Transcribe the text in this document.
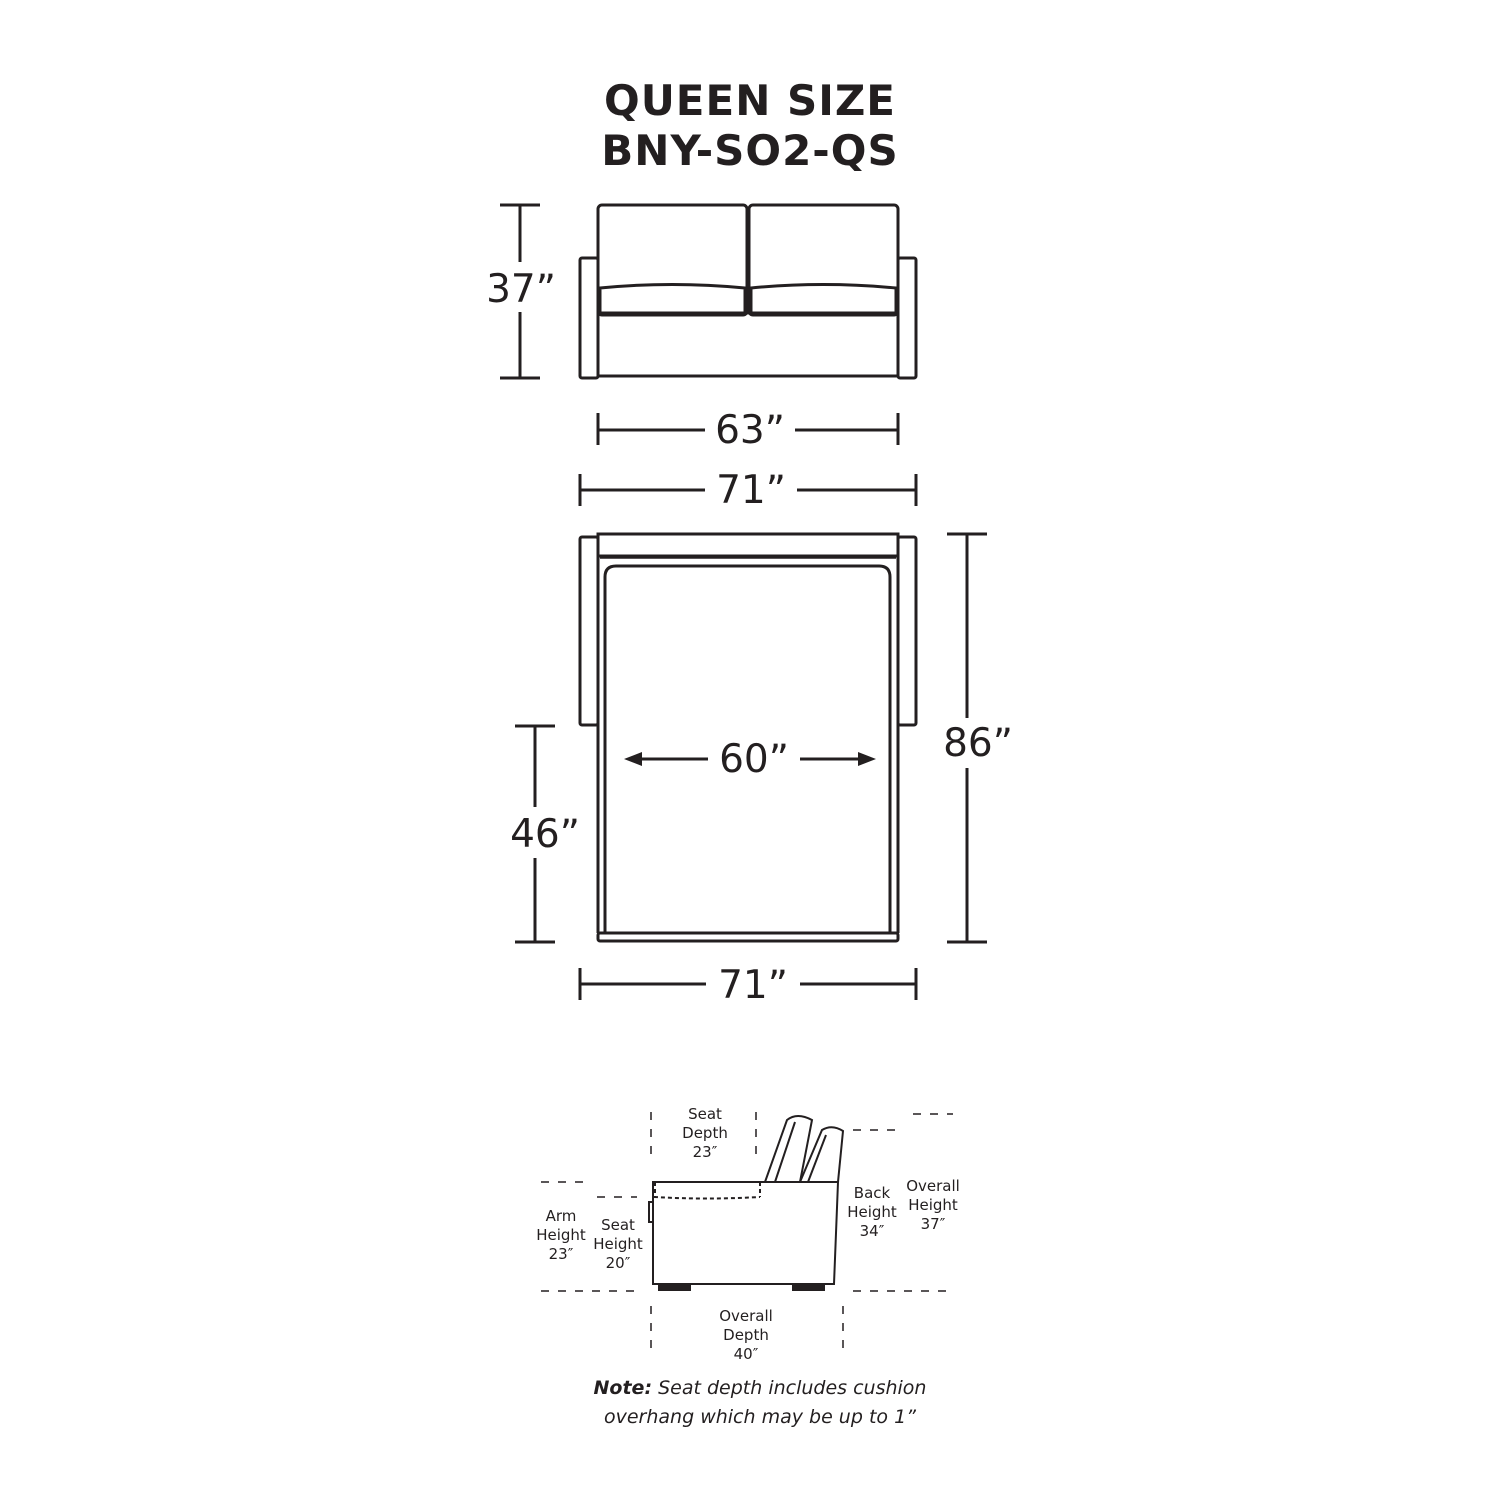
QUEEN SIZE
BNY-SO2-QS
37”
63”
71”
60”	86”
46”
71”
Seat
Depth
23″
Arm
Height
23″
Seat
Height
20″
Back
Height
34″
Overall
Height
37″
Overall
Depth
40″
Note: Seat depth includes cushion
overhang which may be up to 1”
